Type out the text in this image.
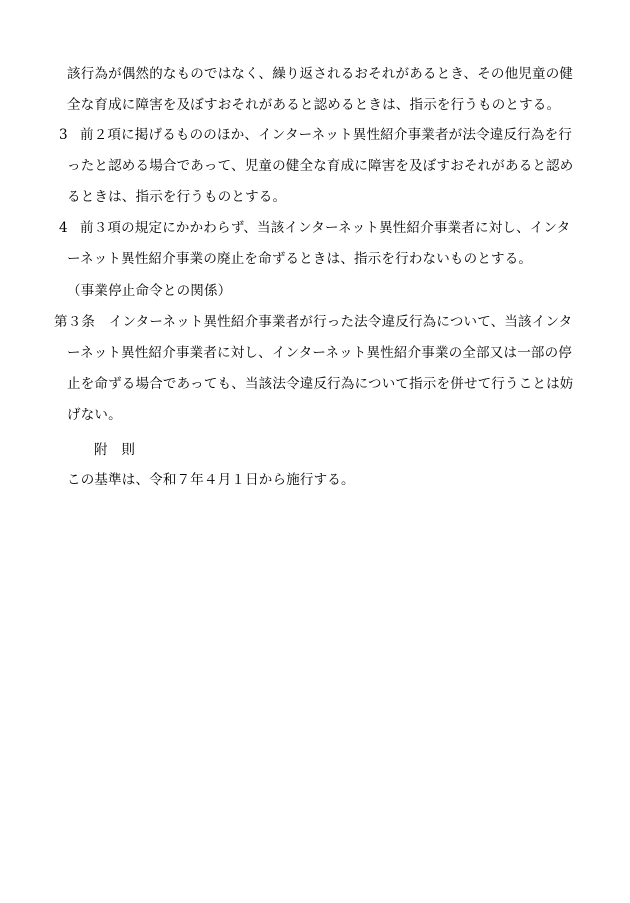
該行為が偶然的なものではなく、繰り返されるおそれがあるとき、その他児童の健
全な育成に障害を及ぼすおそれがあると認めるときは、指示を行うものとする。
3 前２項に掲げるもののほか、インターネット異性紹介事業者が法令違反行為を行
ったと認める場合であって、児童の健全な育成に障害を及ぼすおそれがあると認め
るときは、指示を行うものとする。
4 前３項の規定にかかわらず、当該インターネット異性紹介事業者に対し、インタ
ーネット異性紹介事業の廃止を命ずるときは、指示を行わないものとする。
（事業停止命令との関係）
第３条　インターネット異性紹介事業者が行った法令違反行為について、当該インタ
ーネット異性紹介事業者に対し、インターネット異性紹介事業の全部又は一部の停
止を命ずる場合であっても、当該法令違反行為について指示を併せて行うことは妨
げない。
附　則
この基準は、令和７年４月１日から施行する。
